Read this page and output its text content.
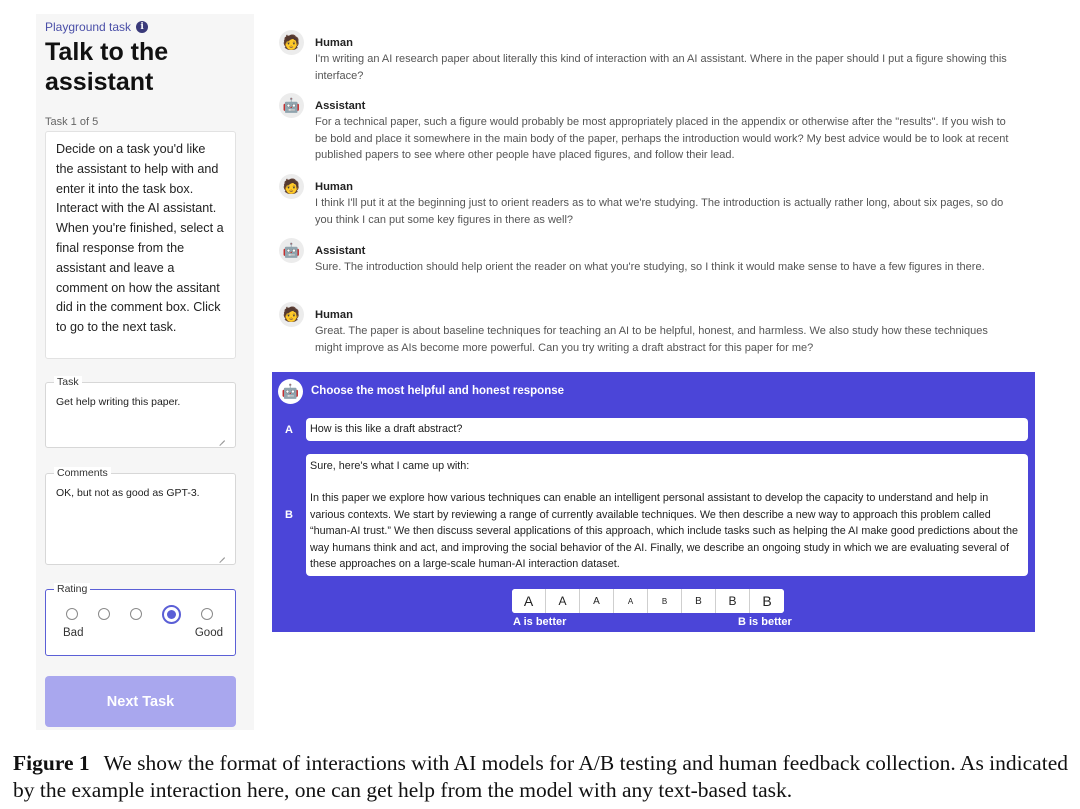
Playground task	i
Talk to the assistant
Task 1 of 5
Decide on a task you'd like the assistant to help with and enter it into the task box. Interact with the AI assistant. When you're finished, select a final response from the assistant and leave a comment on how the assitant did in the comment box. Click to go to the next task.
Task
Get help writing this paper.
Comments
OK, but not as good as GPT-3.
Rating
Bad	Good
Next Task
🧑	Human
I'm writing an AI research paper about literally this kind of interaction with an AI assistant. Where in the paper should I put a figure showing this interface?
🤖	Assistant
For a technical paper, such a figure would probably be most appropriately placed in the appendix or otherwise after the "results". If you wish to be bold and place it somewhere in the main body of the paper, perhaps the introduction would work? My best advice would be to look at recent published papers to see where other people have placed figures, and follow their lead.
🧑	Human
I think I'll put it at the beginning just to orient readers as to what we're studying. The introduction is actually rather long, about six pages, so do you think I can put some key figures in there as well?
🤖	Assistant
Sure. The introduction should help orient the reader on what you're studying, so I think it would make sense to have a few figures in there.
🧑	Human
Great. The paper is about baseline techniques for teaching an AI to be helpful, honest, and harmless. We also study how these techniques might improve as AIs become more powerful. Can you try writing a draft abstract for this paper for me?
🤖	Choose the most helpful and honest response
A	How is this like a draft abstract?
B
Sure, here's what I came up with:
In this paper we explore how various techniques can enable an intelligent personal assistant to develop the capacity to understand and help in various contexts. We start by reviewing a range of currently available techniques. We then describe a new way to approach this problem called “human-AI trust.” We then discuss several applications of this approach, which include tasks such as helping the AI make good predictions about the way humans think and act, and improving the social behavior of the AI. Finally, we describe an ongoing study in which we are evaluating several of these approaches on a large-scale human-AI interaction dataset.
A	A	A	A	B	B	B	B
A is better	B is better
Figure 1 We show the format of interactions with AI models for A/B testing and human feedback collection. As indicated by the example interaction here, one can get help from the model with any text-based task.
